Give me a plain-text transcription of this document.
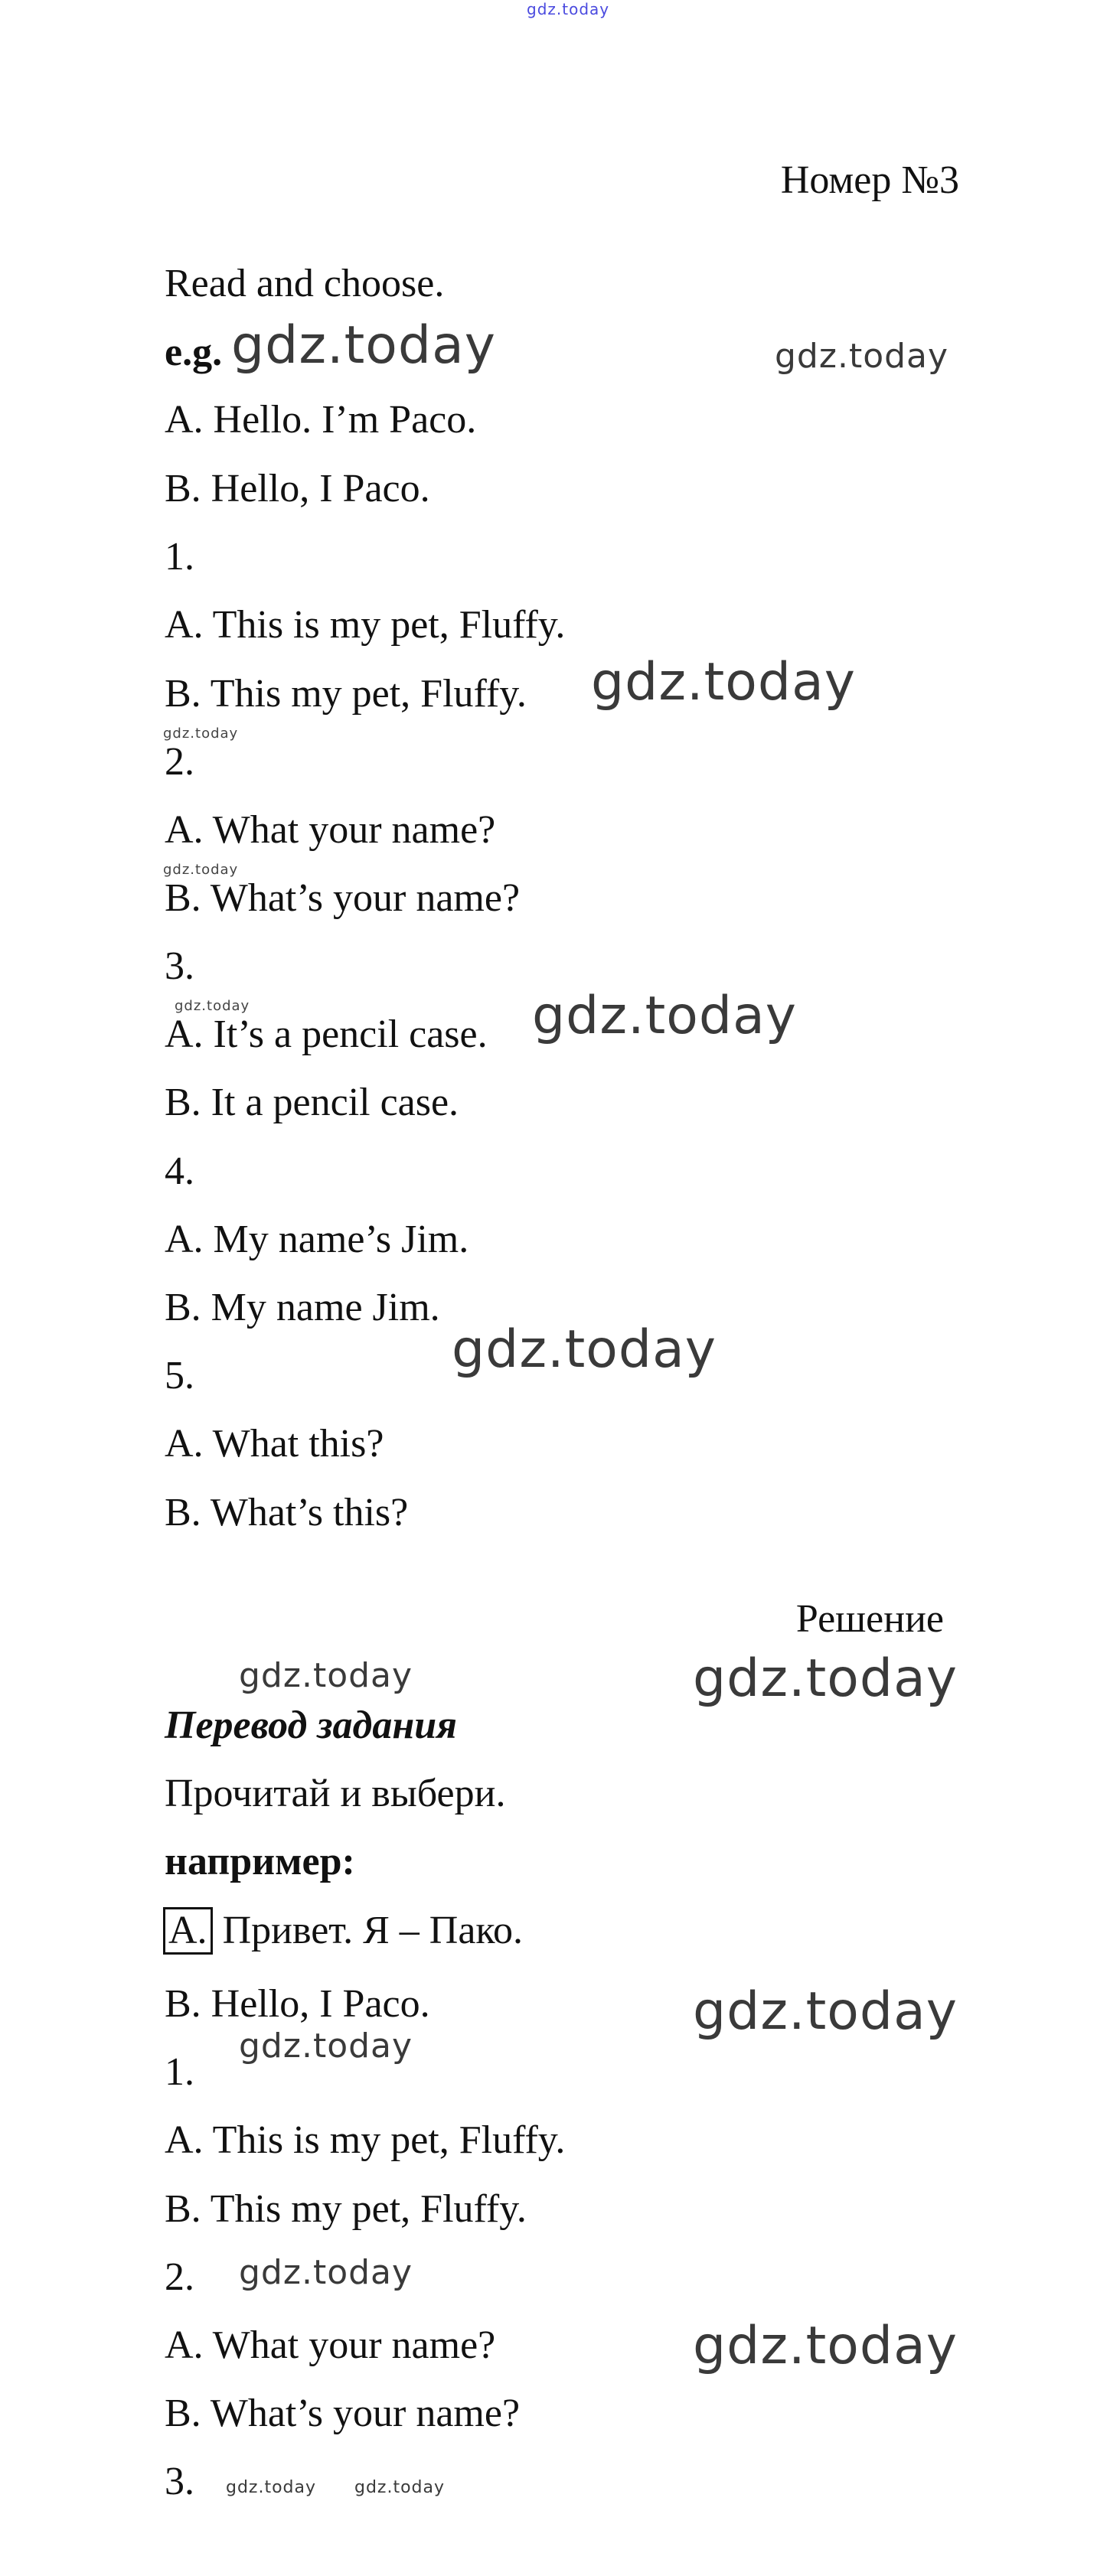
gdz.today

Номер №3

Read and choose.

e.g. gdz.today	gdz.today

A. Hello. I’m Paco.

B. Hello, I Paco.

1.

A. This is my pet, Fluffy.

B. This my pet, Fluffy. gdz.today

gdz.today

2.

A. What your name?

gdz.today

B. What’s your name?

3.

gdz.today

A. It’s a pencil case. gdz.today

B. It a pencil case.

4.

A. My name’s Jim.

B. My name Jim.

gdz.today

5.

A. What this?

B. What’s this?

Решение

gdz.today	gdz.today

Перевод задания

Прочитай и выбери.

например:

A. Привет. Я – Пако.

B. Hello, I Paco.	gdz.today

gdz.today

1.

A. This is my pet, Fluffy.

B. This my pet, Fluffy.

2. gdz.today

A. What your name?	gdz.today

B. What’s your name?

3. gdz.today gdz.today
